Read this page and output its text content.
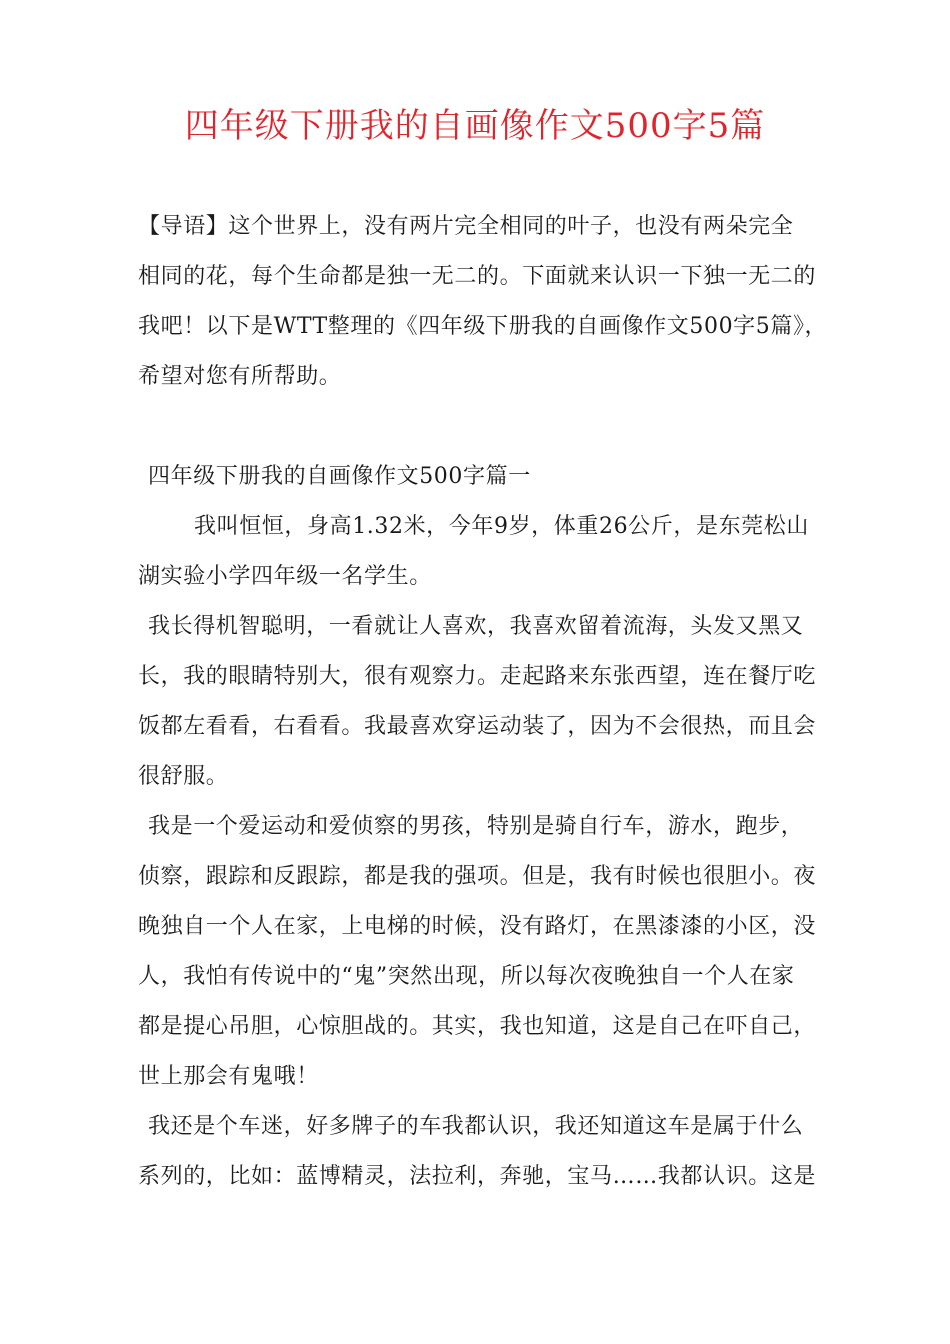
四年级下册我的自画像作文500字5篇
【导语】这个世界上，没有两片完全相同的叶子，也没有两朵完全
相同的花，每个生命都是独一无二的。下面就来认识一下独一无二的
我吧！以下是WTT整理的《四年级下册我的自画像作文500字5篇》，
希望对您有所帮助。
四年级下册我的自画像作文500字篇一
我叫恒恒，身高1.32米，今年9岁，体重26公斤，是东莞松山
湖实验小学四年级一名学生。
我长得机智聪明，一看就让人喜欢，我喜欢留着流海，头发又黑又
长，我的眼睛特别大，很有观察力。走起路来东张西望，连在餐厅吃
饭都左看看，右看看。我最喜欢穿运动装了，因为不会很热，而且会
很舒服。
我是一个爱运动和爱侦察的男孩，特别是骑自行车，游水，跑步，
侦察，跟踪和反跟踪，都是我的强项。但是，我有时候也很胆小。夜
晚独自一个人在家，上电梯的时候，没有路灯，在黑漆漆的小区，没
人，我怕有传说中的“鬼”突然出现，所以每次夜晚独自一个人在家
都是提心吊胆，心惊胆战的。其实，我也知道，这是自己在吓自己，
世上那会有鬼哦！
我还是个车迷，好多牌子的车我都认识，我还知道这车是属于什么
系列的，比如：蓝博精灵，法拉利，奔驰，宝马……我都认识。这是
